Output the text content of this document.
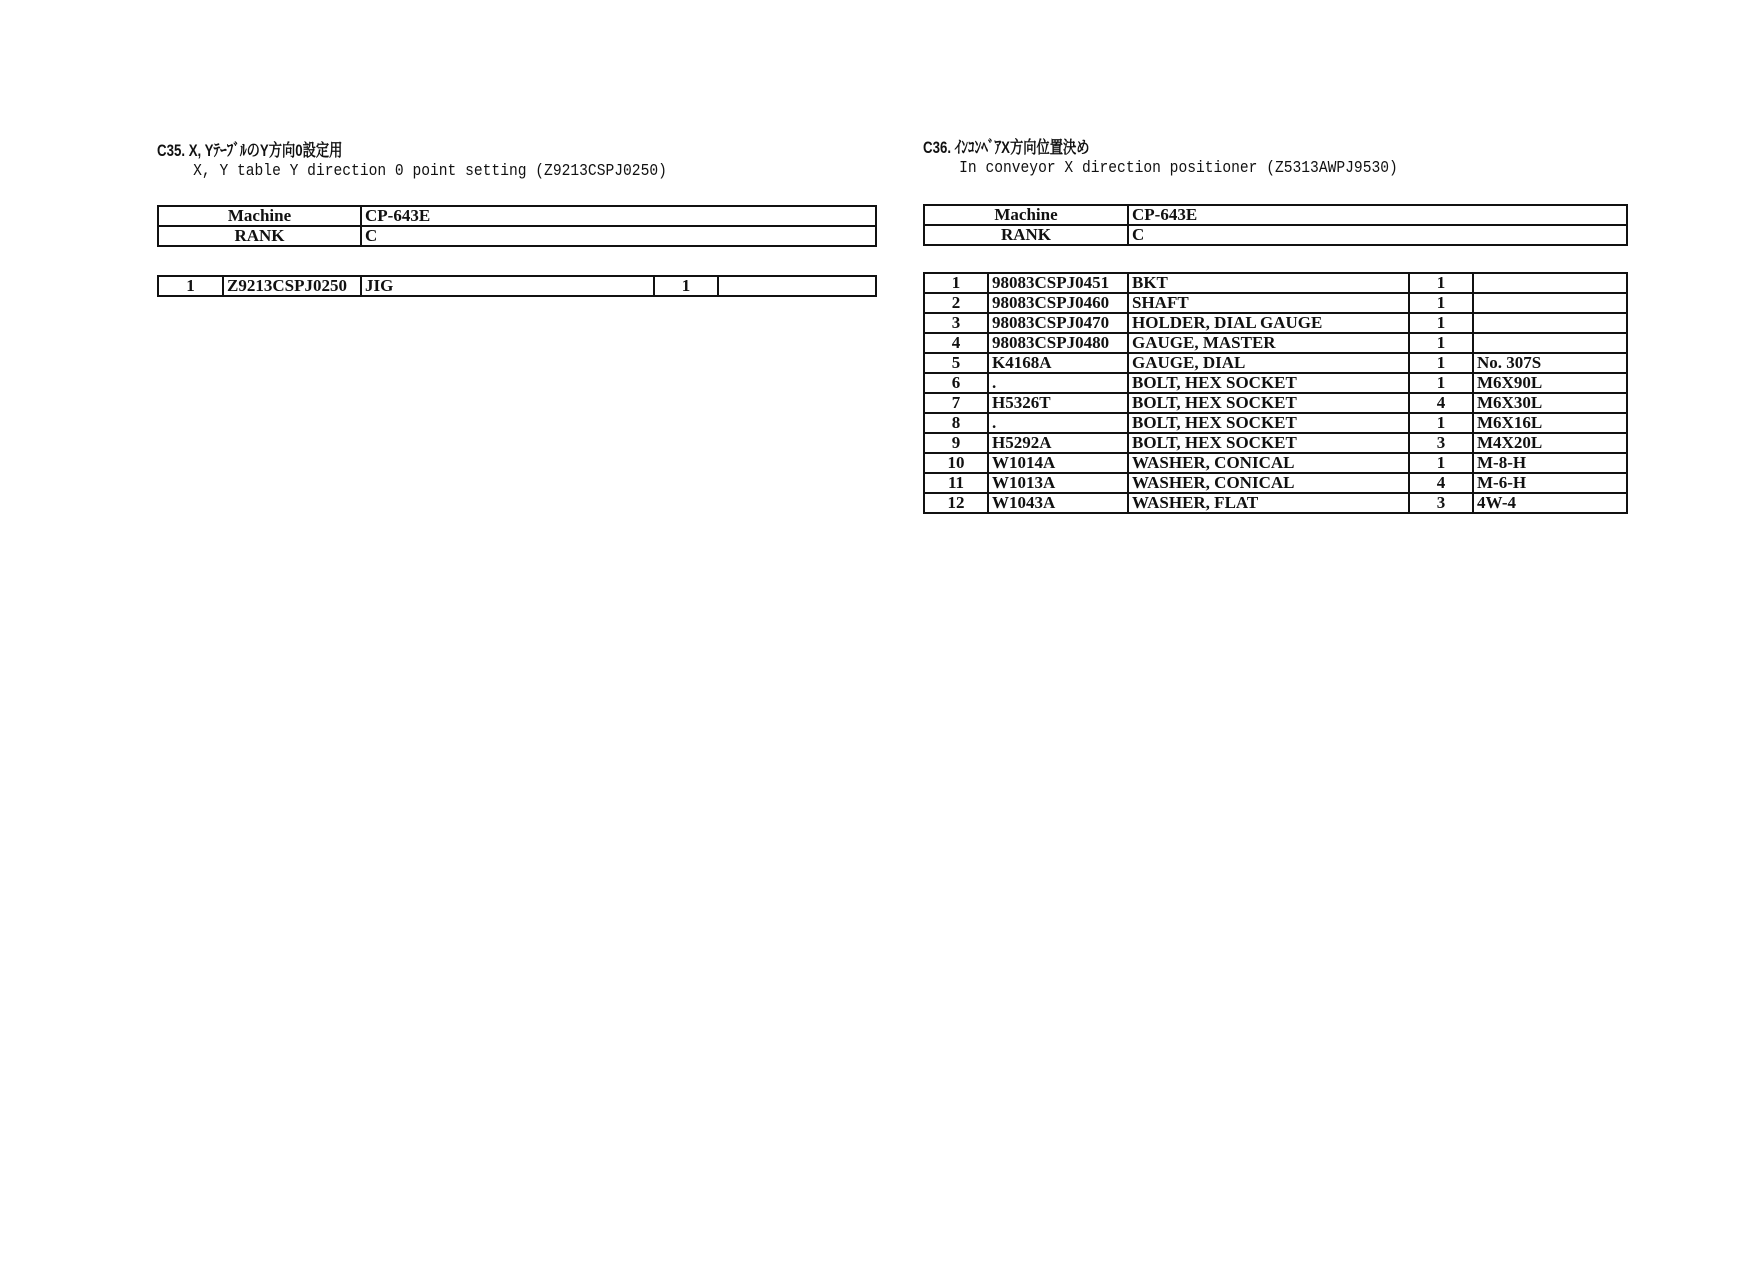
C35. X, YﾃｰﾌﾞﾙのY方向0設定用
X, Y table Y direction 0 point setting (Z9213CSPJ0250)
Machine	CP-643E
RANK	C
1	Z9213CSPJ0250	JIG	1	
C36. ｲﾝｺﾝﾍﾞｱX方向位置決め
In conveyor X direction positioner (Z5313AWPJ9530)
Machine	CP-643E
RANK	C
1	98083CSPJ0451	BKT	1	
2	98083CSPJ0460	SHAFT	1	
3	98083CSPJ0470	HOLDER, DIAL GAUGE	1	
4	98083CSPJ0480	GAUGE, MASTER	1	
5	K4168A	GAUGE, DIAL	1	No. 307S
6	.	BOLT, HEX SOCKET	1	M6X90L
7	H5326T	BOLT, HEX SOCKET	4	M6X30L
8	.	BOLT, HEX SOCKET	1	M6X16L
9	H5292A	BOLT, HEX SOCKET	3	M4X20L
10	W1014A	WASHER, CONICAL	1	M-8-H
11	W1013A	WASHER, CONICAL	4	M-6-H
12	W1043A	WASHER, FLAT	3	4W-4
